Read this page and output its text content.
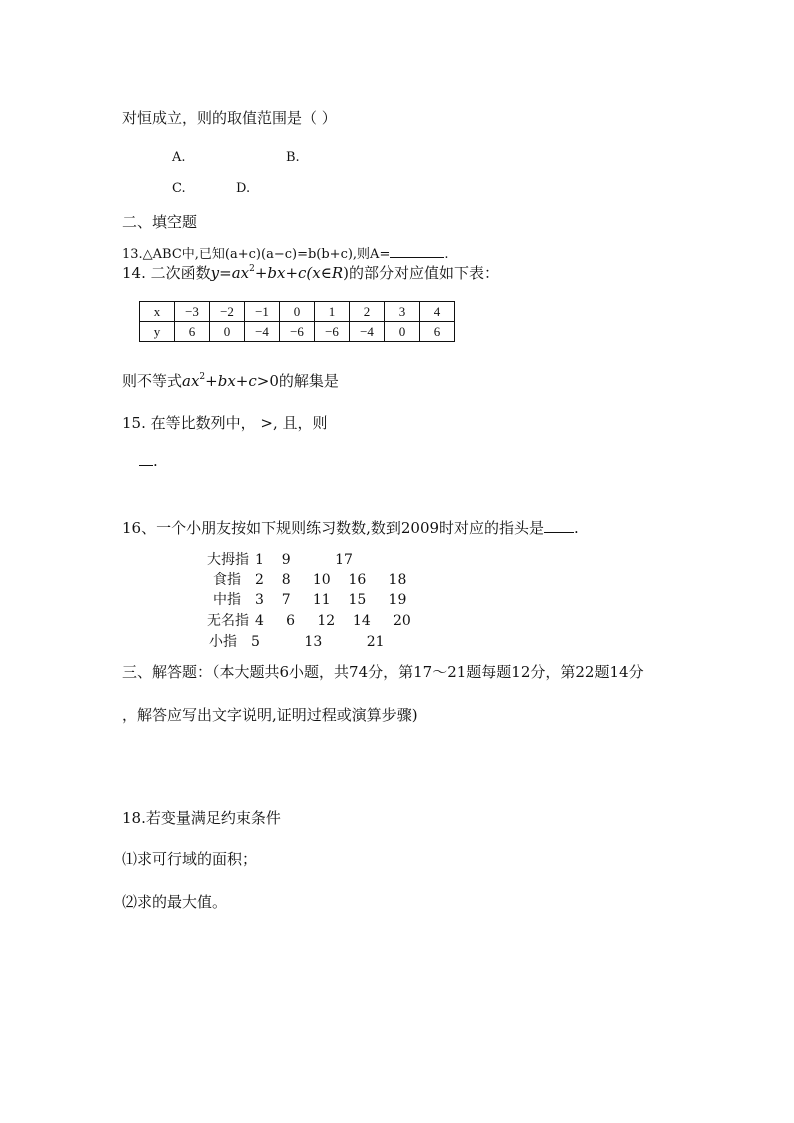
对恒成立，则的取值范围是（ ）
A.	B.
C.	D.
二、填空题
13.△ABC中,已知(a+c)(a−c)=b(b+c),则A=	.
14. 二次函数$y=ax^2+bx+c(x\in R)$的部分对应值如下表：
x	−3	−2	−1	0	1	2	3	4
y	6	0	−4	−6	−6	−4	0	6
则不等式$ax^2+bx+c>0$的解集是
15. 在等比数列中， >, 且，则
.
16、一个小朋友按如下规则练习数数,数到2009时对应的指头是 .
大拇指 1    9          17
食指 2    8     10    16     18
中指 3    7     11    15     19
无名指 4     6     12    14     20
小指 5          13          21
三、解答题：（本大题共6小题，共74分，第17～21题每题12分，第22题14分
，解答应写出文字说明,证明过程或演算步骤)
18.若变量满足约束条件
⑴求可行域的面积；
⑵求的最大值。
